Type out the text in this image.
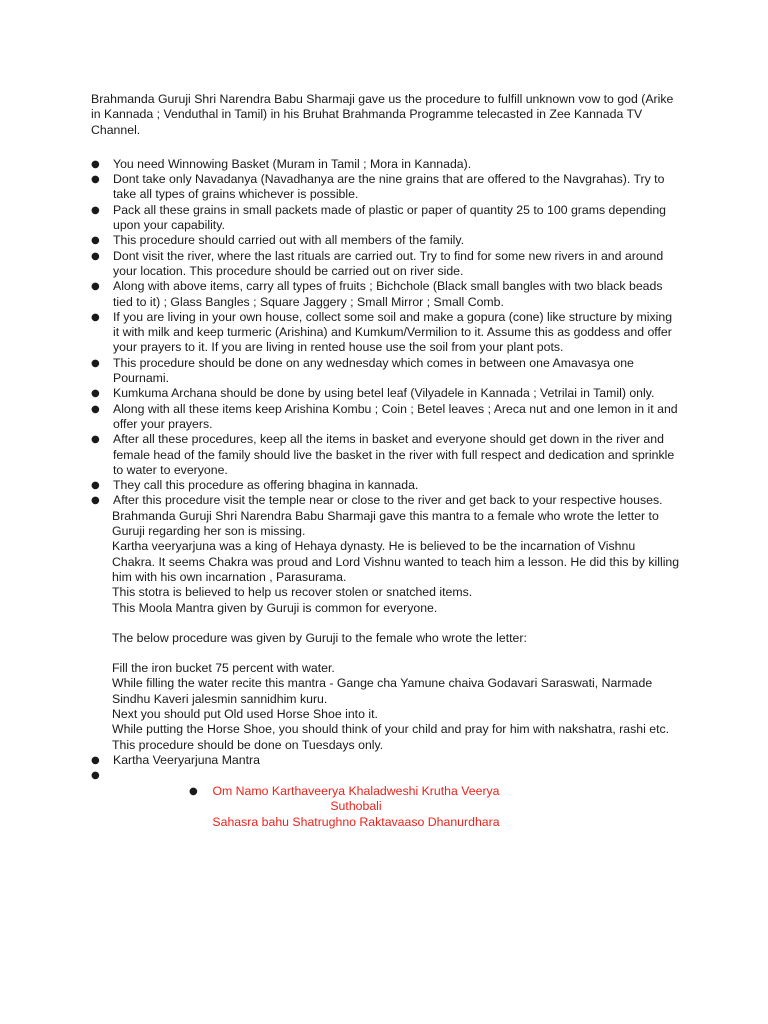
Brahmanda Guruji Shri Narendra Babu Sharmaji gave us the procedure to fulfill unknown vow to god (Arike in Kannada ; Venduthal in Tamil) in his Bruhat Brahmanda Programme telecasted in Zee Kannada TV Channel.

● You need Winnowing Basket (Muram in Tamil ; Mora in Kannada).
● Dont take only Navadanya (Navadhanya are the nine grains that are offered to the Navgrahas). Try to take all types of grains whichever is possible.
● Pack all these grains in small packets made of plastic or paper of quantity 25 to 100 grams depending upon your capability.
● This procedure should carried out with all members of the family.
● Dont visit the river, where the last rituals are carried out. Try to find for some new rivers in and around your location. This procedure should be carried out on river side.
● Along with above items, carry all types of fruits ; Bichchole (Black small bangles with two black beads tied to it) ; Glass Bangles ; Square Jaggery ; Small Mirror ; Small Comb.
● If you are living in your own house, collect some soil and make a gopura (cone) like structure by mixing it with milk and keep turmeric (Arishina) and Kumkum/Vermilion to it. Assume this as goddess and offer your prayers to it. If you are living in rented house use the soil from your plant pots.
● This procedure should be done on any wednesday which comes in between one Amavasya one Pournami.
● Kumkuma Archana should be done by using betel leaf (Vilyadele in Kannada ; Vetrilai in Tamil) only.
● Along with all these items keep Arishina Kombu ; Coin ; Betel leaves ; Areca nut and one lemon in it and offer your prayers.
● After all these procedures, keep all the items in basket and everyone should get down in the river and female head of the family should live the basket in the river with full respect and dedication and sprinkle to water to everyone.
● They call this procedure as offering bhagina in kannada.
● After this procedure visit the temple near or close to the river and get back to your respective houses.

Brahmanda Guruji Shri Narendra Babu Sharmaji gave this mantra to a female who wrote the letter to Guruji regarding her son is missing.

Kartha veeryarjuna was a king of Hehaya dynasty. He is believed to be the incarnation of Vishnu Chakra. It seems Chakra was proud and Lord Vishnu wanted to teach him a lesson. He did this by killing him with his own incarnation , Parasurama.

This stotra is believed to help us recover stolen or snatched items.

This Moola Mantra given by Guruji is common for everyone.

The below procedure was given by Guruji to the female who wrote the letter:

Fill the iron bucket 75 percent with water.

While filling the water recite this mantra - Gange cha Yamune chaiva Godavari Saraswati, Narmade Sindhu Kaveri jalesmin sannidhim kuru.

Next you should put Old used Horse Shoe into it.

While putting the Horse Shoe, you should think of your child and pray for him with nakshatra, rashi etc.

This procedure should be done on Tuesdays only.

● Kartha Veeryarjuna Mantra
●
● Om Namo Karthaveerya Khaladweshi Krutha Veerya Suthobali
Sahasra bahu Shatrughno Raktavaaso Dhanurdhara
